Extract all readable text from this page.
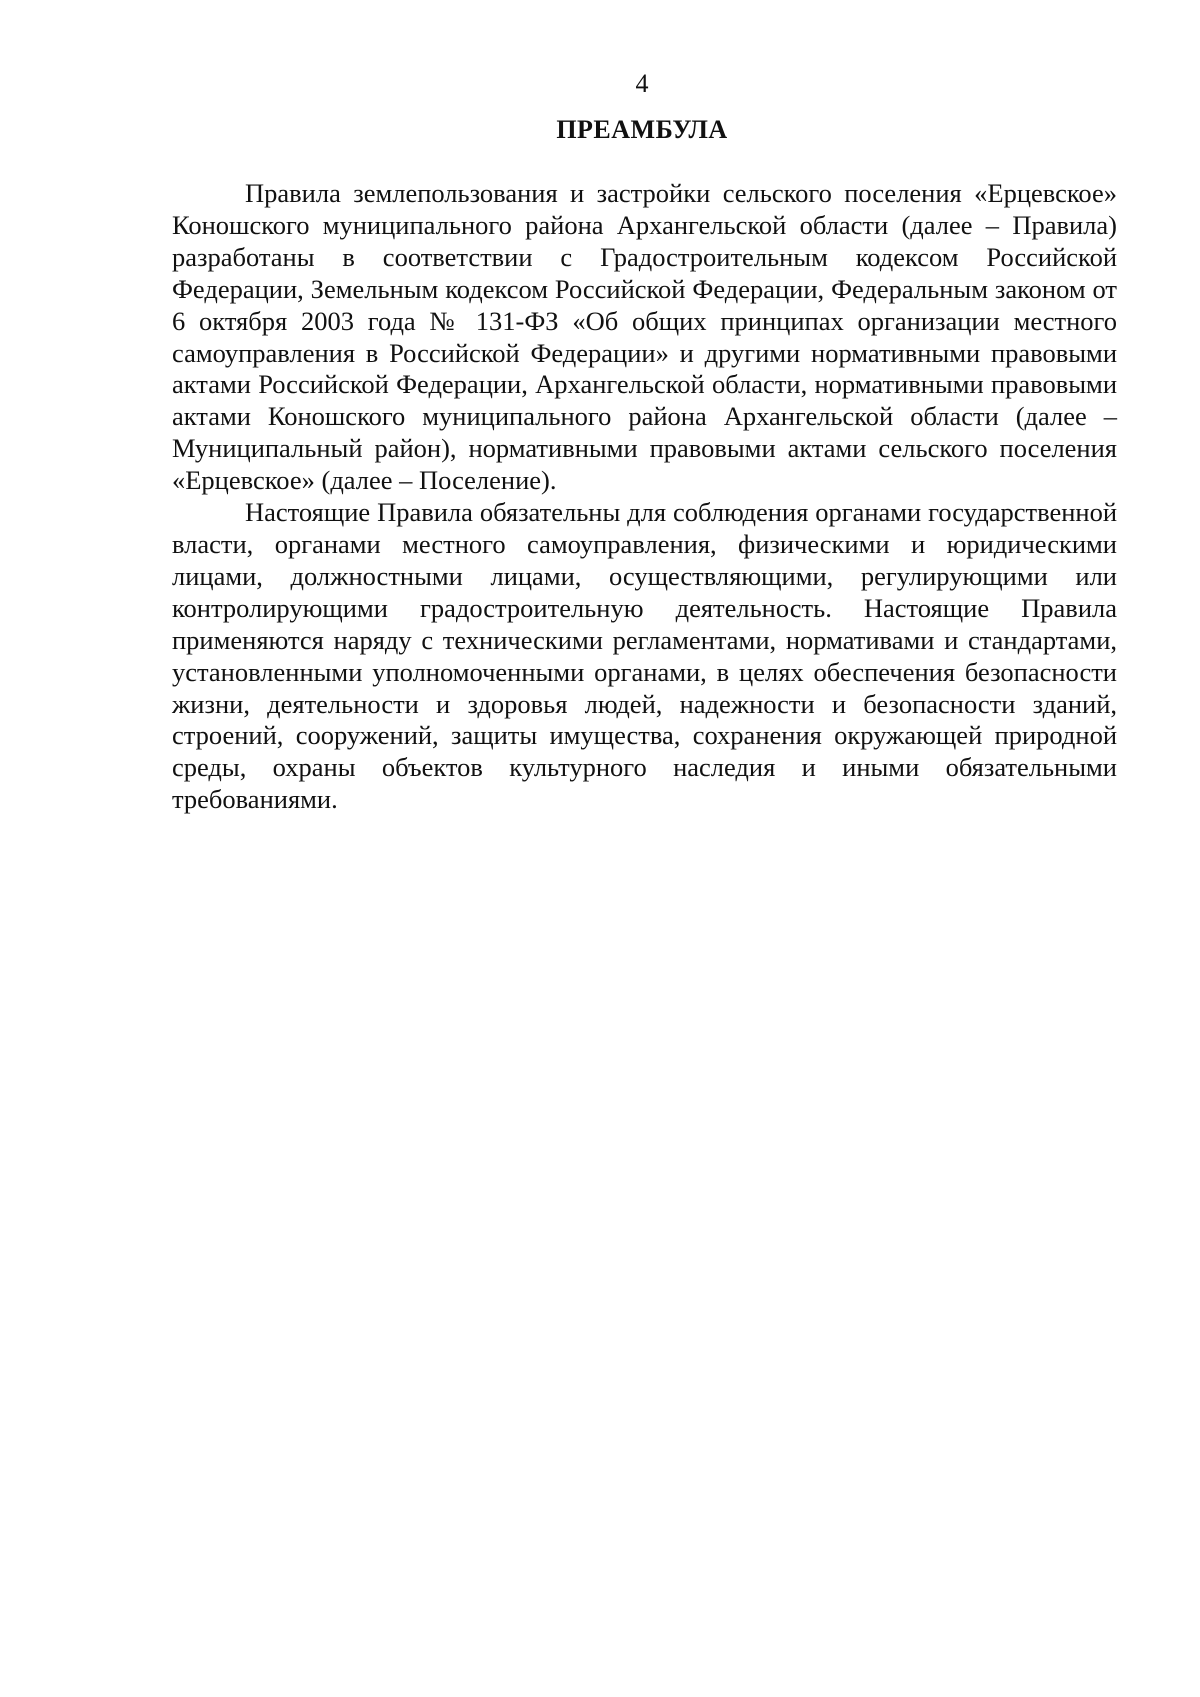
4
ПРЕАМБУЛА

Правила землепользования и застройки сельского поселения «Ерцевское» Коношского муниципального района Архангельской области (далее – Правила) разработаны в соответствии с Градостроительным кодексом Российской Федерации, Земельным кодексом Российской Федерации, Федеральным законом от 6 октября 2003 года № 131-ФЗ «Об общих принципах организации местного самоуправления в Российской Федерации» и другими нормативными правовыми актами Российской Федерации, Архангельской области, нормативными правовыми актами Коношского муниципального района Архангельской области (далее – Муниципальный район), нормативными правовыми актами сельского поселения «Ерцевское» (далее – Поселение).

Настоящие Правила обязательны для соблюдения органами государственной власти, органами местного самоуправления, физическими и юридическими лицами, должностными лицами, осуществляющими, регулирующими или контролирующими градостроительную деятельность. Настоящие Правила применяются наряду с техническими регламентами, нормативами и стандартами, установленными уполномоченными органами, в целях обеспечения безопасности жизни, деятельности и здоровья людей, надежности и безопасности зданий, строений, сооружений, защиты имущества, сохранения окружающей природной среды, охраны объектов культурного наследия и иными обязательными требованиями.
